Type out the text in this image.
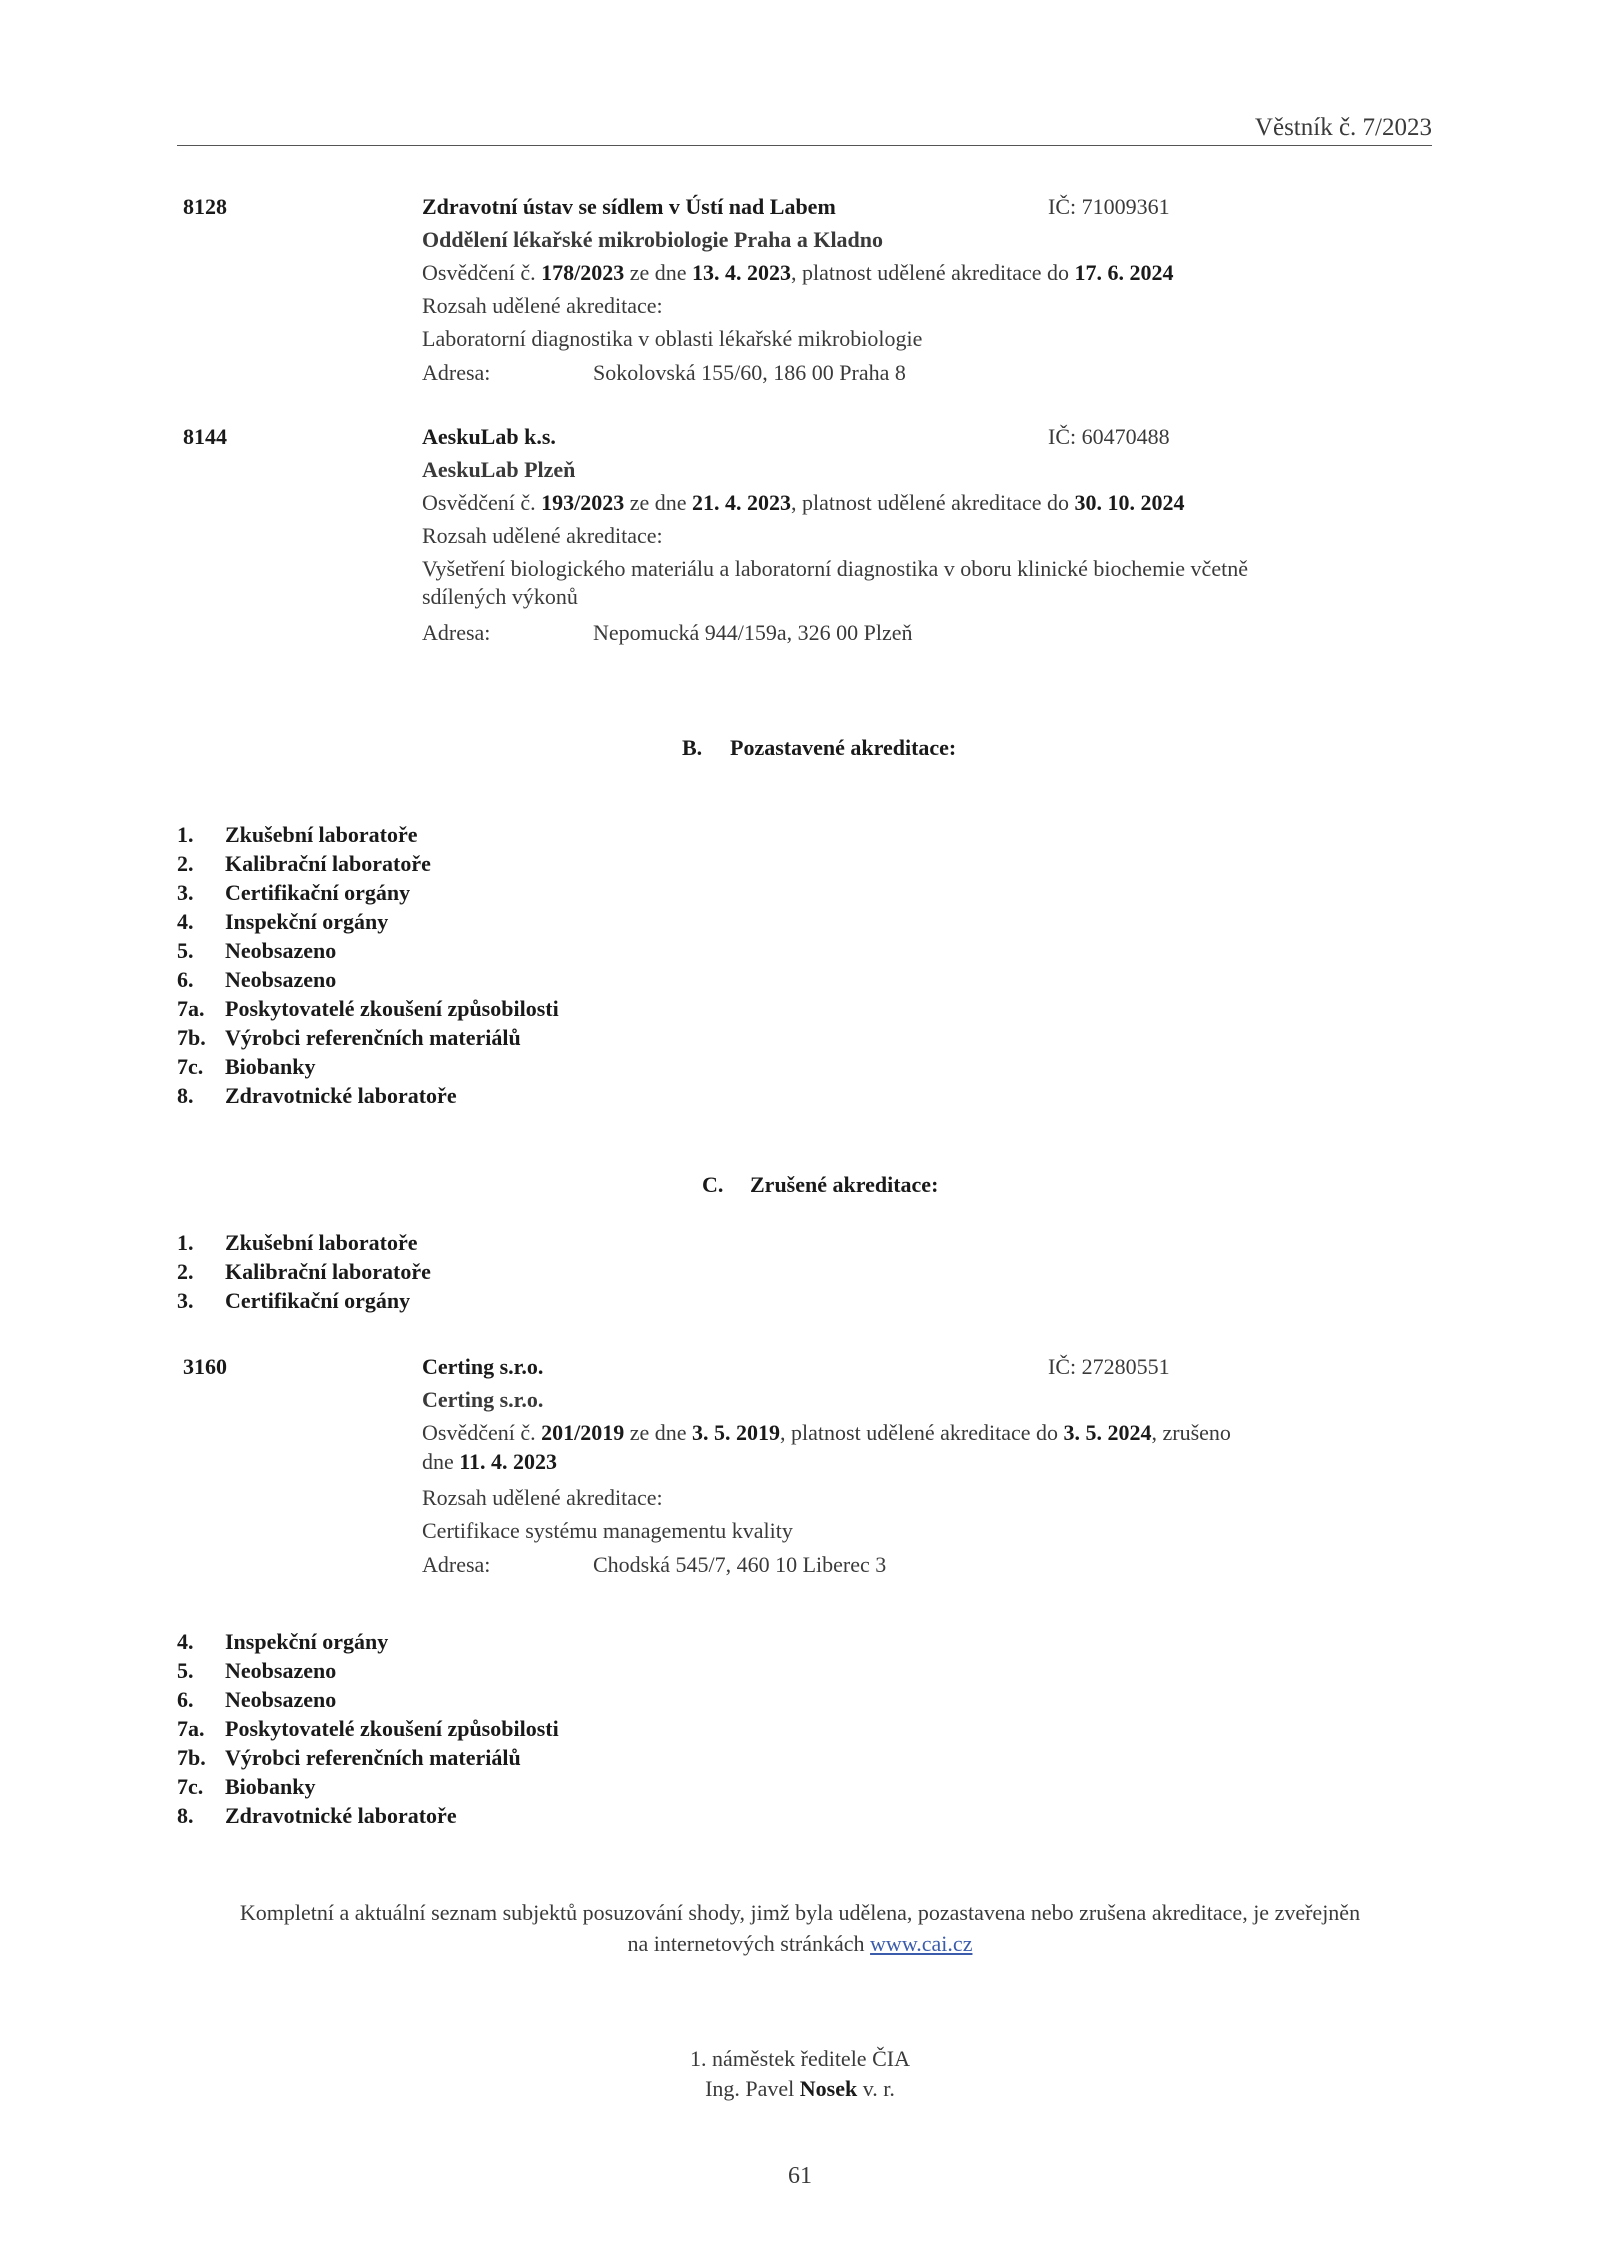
Věstník č. 7/2023
8128	Zdravotní ústav se sídlem v Ústí nad Labem	IČ: 71009361
Oddělení lékařské mikrobiologie Praha a Kladno
Osvědčení č. 178/2023 ze dne 13. 4. 2023, platnost udělené akreditace do 17. 6. 2024
Rozsah udělené akreditace:
Laboratorní diagnostika v oblasti lékařské mikrobiologie
Adresa:	Sokolovská 155/60, 186 00 Praha 8
8144	AeskuLab k.s.	IČ: 60470488
AeskuLab Plzeň
Osvědčení č. 193/2023 ze dne 21. 4. 2023, platnost udělené akreditace do 30. 10. 2024
Rozsah udělené akreditace:
Vyšetření biologického materiálu a laboratorní diagnostika v oboru klinické biochemie včetně
sdílených výkonů
Adresa:	Nepomucká 944/159a, 326 00 Plzeň
B. Pozastavené akreditace:
1. Zkušební laboratoře
2. Kalibrační laboratoře
3. Certifikační orgány
4. Inspekční orgány
5. Neobsazeno
6. Neobsazeno
7a. Poskytovatelé zkoušení způsobilosti
7b. Výrobci referenčních materiálů
7c. Biobanky
8. Zdravotnické laboratoře
C. Zrušené akreditace:
1. Zkušební laboratoře
2. Kalibrační laboratoře
3. Certifikační orgány
3160	Certing s.r.o.	IČ: 27280551
Certing s.r.o.
Osvědčení č. 201/2019 ze dne 3. 5. 2019, platnost udělené akreditace do 3. 5. 2024, zrušeno
dne 11. 4. 2023
Rozsah udělené akreditace:
Certifikace systému managementu kvality
Adresa:	Chodská 545/7, 460 10 Liberec 3
4. Inspekční orgány
5. Neobsazeno
6. Neobsazeno
7a. Poskytovatelé zkoušení způsobilosti
7b. Výrobci referenčních materiálů
7c. Biobanky
8. Zdravotnické laboratoře
Kompletní a aktuální seznam subjektů posuzování shody, jimž byla udělena, pozastavena nebo zrušena akreditace, je zveřejněn
na internetových stránkách www.cai.cz
1. náměstek ředitele ČIA
Ing. Pavel Nosek v. r.
61
